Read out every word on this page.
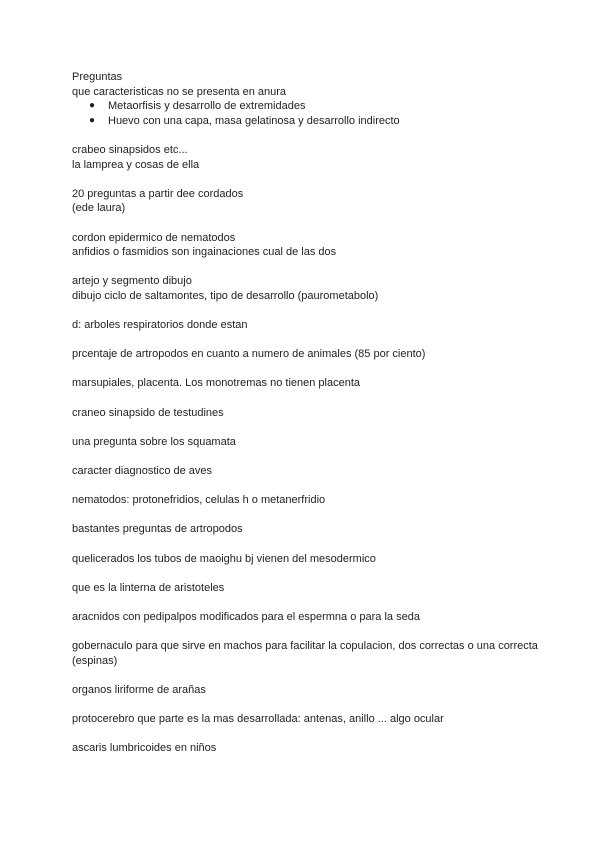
Preguntas

que caracteristicas no se presenta en anura

● Metaorfisis y desarrollo de extremidades
● Huevo con una capa, masa gelatinosa y desarrollo indirecto

crabeo sinapsidos etc...

la lamprea y cosas de ella

20 preguntas a partir dee cordados

(ede laura)

cordon epidermico de nematodos

anfidios o fasmidios son ingainaciones cual de las dos

artejo y segmento dibujo

dibujo ciclo de saltamontes, tipo de desarrollo (paurometabolo)

d: arboles respiratorios donde estan

prcentaje de artropodos en cuanto a numero de animales (85 por ciento)

marsupiales, placenta. Los monotremas no tienen placenta

craneo sinapsido de testudines

una pregunta sobre los squamata

caracter diagnostico de aves

nematodos: protonefridios, celulas h o metanerfridio

bastantes preguntas de artropodos

quelicerados los tubos de maoighu bj vienen del mesodermico

que es la linterna de aristoteles

aracnidos con pedipalpos modificados para el espermna o para la seda

gobernaculo para que sirve en machos para facilitar la copulacion, dos correctas o una correcta (espinas)

organos liriforme de arañas

protocerebro que parte es la mas desarrollada: antenas, anillo ... algo ocular

ascaris lumbricoides en niños
